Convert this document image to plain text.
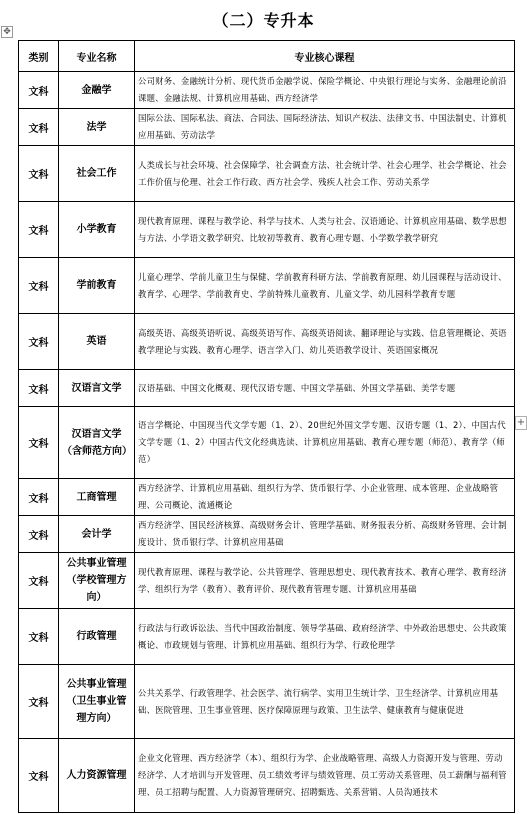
✥
+
（二）专升本
类别	专业名称	专业核心课程
文科	金融学	公司财务、金融统计分析、现代货币金融学说、保险学概论、中央银行理论与实务、金融理论前沿课题、金融法规、计算机应用基础、西方经济学
文科	法学	国际公法、国际私法、商法、合同法、国际经济法、知识产权法、法律文书、中国法制史、计算机应用基础、劳动法学
文科	社会工作	人类成长与社会环境、社会保障学、社会调查方法、社会统计学、社会心理学、社会学概论、社会工作价值与伦理、社会工作行政、西方社会学、残疾人社会工作、劳动关系学
文科	小学教育	现代教育原理、课程与教学论、科学与技术、人类与社会、汉语通论、计算机应用基础、数学思想与方法、小学语文教学研究、比较初等教育、教育心理专题、小学数学教学研究
文科	学前教育	儿童心理学、学前儿童卫生与保健、学前教育科研方法、学前教育原理、幼儿园课程与活动设计、教育学、心理学、学前教育史、学前特殊儿童教育、儿童文学、幼儿园科学教育专题
文科	英语	高级英语、高级英语听说、高级英语写作、高级英语阅读、翻译理论与实践、信息管理概论、英语教学理论与实践、教育心理学、语言学入门、幼儿英语教学设计、英语国家概况
文科	汉语言文学	汉语基础、中国文化概观、现代汉语专题、中国文学基础、外国文学基础、美学专题
文科	汉语言文学（含师范方向）	语言学概论、中国现当代文学专题（1、2）、20世纪外国文学专题、汉语专题（1、2）、中国古代文学专题（1、2）中国古代文化经典选读、计算机应用基础、教育心理专题（师范）、教育学（师范）
文科	工商管理	西方经济学、计算机应用基础、组织行为学、货币银行学、小企业管理、成本管理、企业战略管理、公司概论、流通概论
文科	会计学	西方经济学、国民经济核算、高级财务会计、管理学基础、财务报表分析、高级财务管理、会计制度设计、货币银行学、计算机应用基础
文科	公共事业管理（学校管理方向）	现代教育原理、课程与教学论、公共管理学、管理思想史、现代教育技术、教育心理学、教育经济学、组织行为学（教育）、教育评价、现代教育管理专题、计算机应用基础
文科	行政管理	行政法与行政诉讼法、当代中国政治制度、领导学基础、政府经济学、中外政治思想史、公共政策概论、市政规划与管理、计算机应用基础、组织行为学、行政伦理学
文科	公共事业管理（卫生事业管理方向）	公共关系学、行政管理学、社会医学、流行病学、实用卫生统计学、卫生经济学、计算机应用基础、医院管理、卫生事业管理、医疗保障原理与政策、卫生法学、健康教育与健康促进
文科	人力资源管理	企业文化管理、西方经济学（本）、组织行为学、企业战略管理、高级人力资源开发与管理、劳动经济学、人才培训与开发管理、员工绩效考评与绩效管理、员工劳动关系管理、员工薪酬与福利管理、员工招聘与配置、人力资源管理研究、招聘甄选、关系营销、人员沟通技术
